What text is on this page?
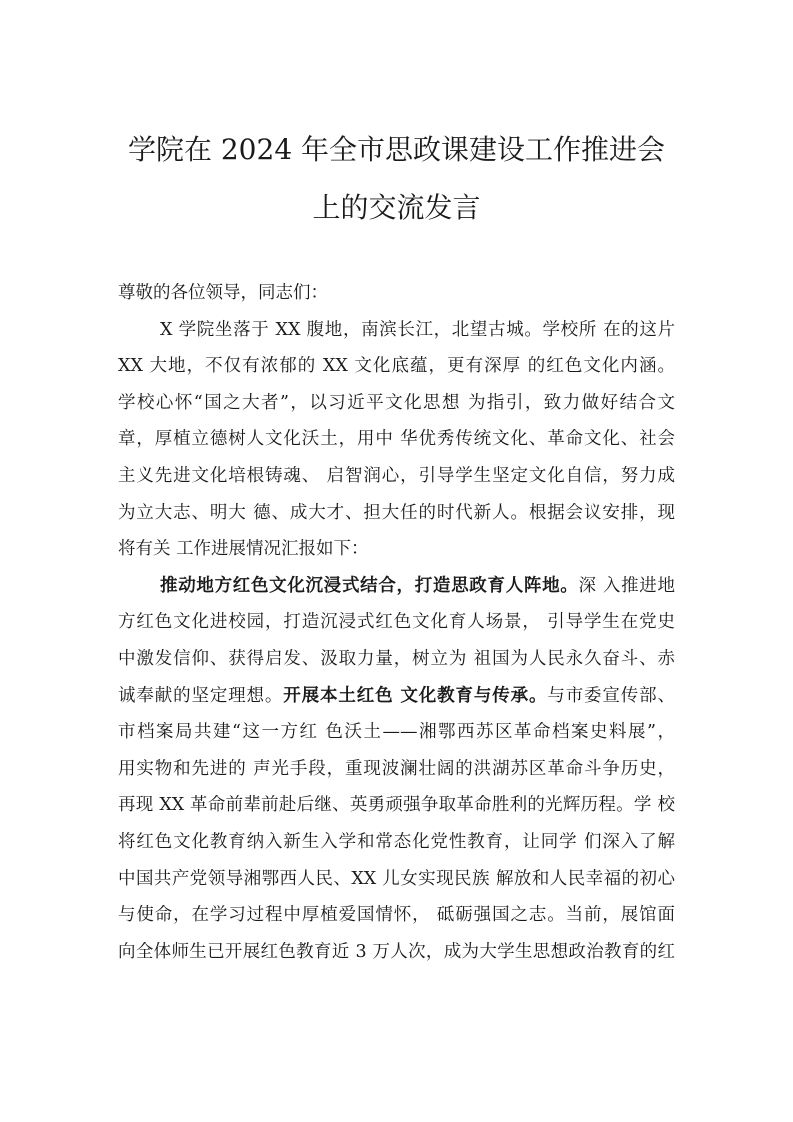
学院在 2024 年全市思政课建设工作推进会
上的交流发言
尊敬的各位领导，同志们：
X 学院坐落于 XX 腹地，南滨长江，北望古城。学校所 在的这片
XX 大地，不仅有浓郁的 XX 文化底蕴，更有深厚 的红色文化内涵。
学校心怀“国之大者”，以习近平文化思想 为指引，致力做好结合文
章，厚植立德树人文化沃土，用中 华优秀传统文化、革命文化、社会
主义先进文化培根铸魂、 启智润心，引导学生坚定文化自信，努力成
为立大志、明大 德、成大才、担大任的时代新人。根据会议安排，现
将有关 工作进展情况汇报如下：
推动地方红色文化沉浸式结合，打造思政育人阵地。深 入推进地
方红色文化进校园，打造沉浸式红色文化育人场景， 引导学生在党史
中激发信仰、获得启发、汲取力量，树立为 祖国为人民永久奋斗、赤
诚奉献的坚定理想。开展本土红色 文化教育与传承。与市委宣传部、
市档案局共建“这一方红 色沃土——湘鄂西苏区革命档案史料展”，
用实物和先进的 声光手段，重现波澜壮阔的洪湖苏区革命斗争历史，
再现 XX 革命前辈前赴后继、英勇顽强争取革命胜利的光辉历程。学 校
将红色文化教育纳入新生入学和常态化党性教育，让同学 们深入了解
中国共产党领导湘鄂西人民、XX 儿女实现民族 解放和人民幸福的初心
与使命，在学习过程中厚植爱国情怀， 砥砺强国之志。当前，展馆面
向全体师生已开展红色教育近 3 万人次，成为大学生思想政治教育的红
